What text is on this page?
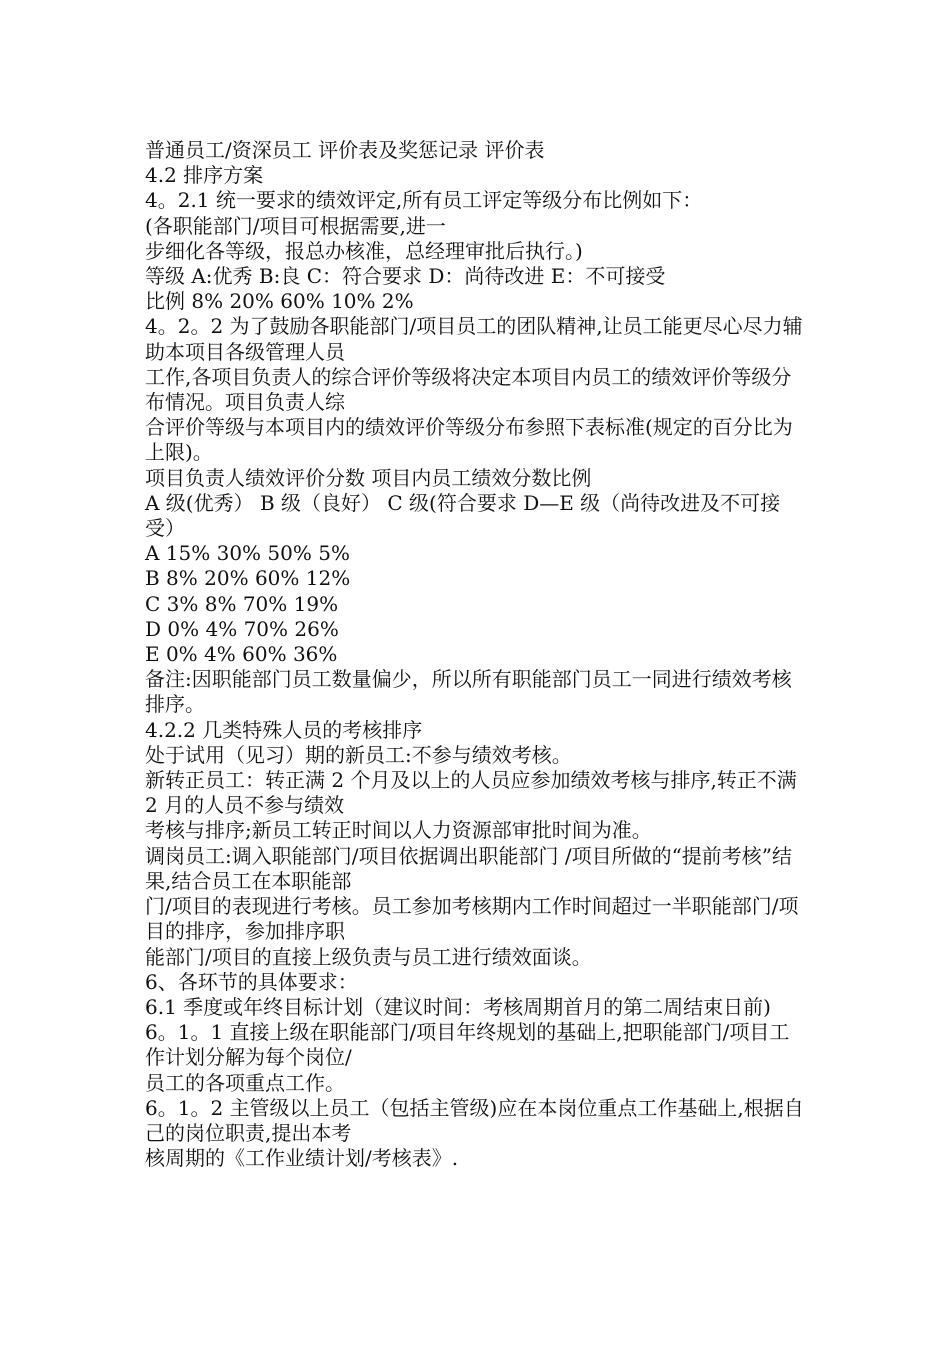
普通员工/资深员工 评价表及奖惩记录 评价表

4.2 排序方案

4。2.1 统一要求的绩效评定,所有员工评定等级分布比例如下：

(各职能部门/项目可根据需要,进一

步细化各等级，报总办核准，总经理审批后执行。)

等级 A:优秀 B:良 C：符合要求 D：尚待改进 E：不可接受

比例 8% 20% 60% 10% 2%

4。2。2 为了鼓励各职能部门/项目员工的团队精神,让员工能更尽心尽力辅助本项目各级管理人员

工作,各项目负责人的综合评价等级将决定本项目内员工的绩效评价等级分布情况。项目负责人综

合评价等级与本项目内的绩效评价等级分布参照下表标准(规定的百分比为上限)。

项目负责人绩效评价分数 项目内员工绩效分数比例

A 级(优秀） B 级（良好） C 级(符合要求 D—E 级（尚待改进及不可接受）

A 15% 30% 50% 5%

B 8% 20% 60% 12%

C 3% 8% 70% 19%

D 0% 4% 70% 26%

E 0% 4% 60% 36%

备注:因职能部门员工数量偏少，所以所有职能部门员工一同进行绩效考核排序。

4.2.2 几类特殊人员的考核排序

处于试用（见习）期的新员工:不参与绩效考核。

新转正员工：转正满 2 个月及以上的人员应参加绩效考核与排序,转正不满 2 月的人员不参与绩效

考核与排序;新员工转正时间以人力资源部审批时间为准。

调岗员工:调入职能部门/项目依据调出职能部门 /项目所做的“提前考核”结果,结合员工在本职能部

门/项目的表现进行考核。员工参加考核期内工作时间超过一半职能部门/项目的排序，参加排序职

能部门/项目的直接上级负责与员工进行绩效面谈。

6、各环节的具体要求：

6.1 季度或年终目标计划（建议时间：考核周期首月的第二周结束日前)

6。1。1 直接上级在职能部门/项目年终规划的基础上,把职能部门/项目工作计划分解为每个岗位/

员工的各项重点工作。

6。1。2 主管级以上员工（包括主管级)应在本岗位重点工作基础上,根据自己的岗位职责,提出本考

核周期的《工作业绩计划/考核表》.
